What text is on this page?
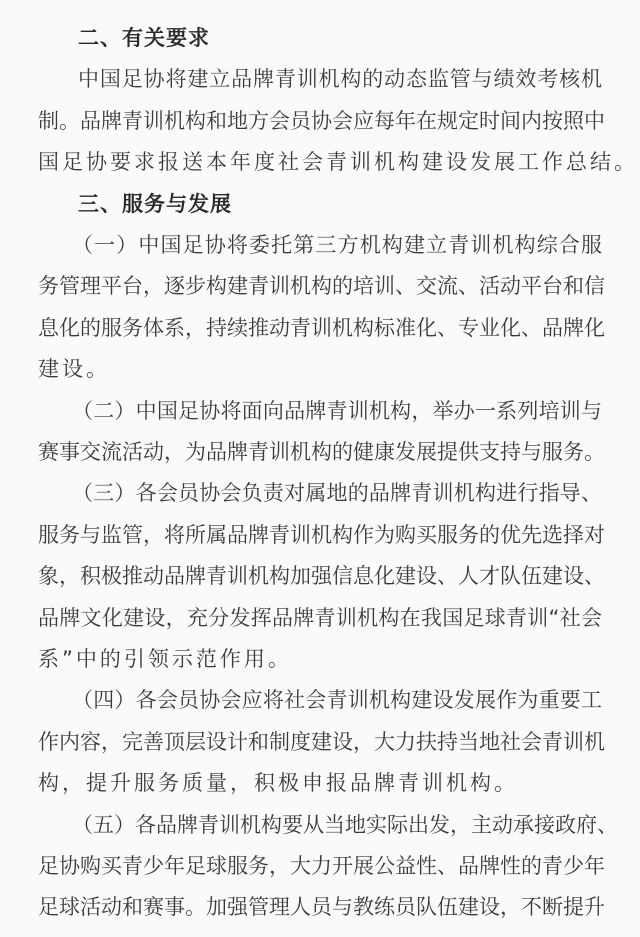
二、有关要求
中国足协将建立品牌青训机构的动态监管与绩效考核机
制。品牌青训机构和地方会员协会应每年在规定时间内按照中
国足协要求报送本年度社会青训机构建设发展工作总结。
三、服务与发展
（一）中国足协将委托第三方机构建立青训机构综合服
务管理平台，逐步构建青训机构的培训、交流、活动平台和信
息化的服务体系，持续推动青训机构标准化、专业化、品牌化
建设。
（二）中国足协将面向品牌青训机构，举办一系列培训与
赛事交流活动，为品牌青训机构的健康发展提供支持与服务。
（三）各会员协会负责对属地的品牌青训机构进行指导、
服务与监管，将所属品牌青训机构作为购买服务的优先选择对
象，积极推动品牌青训机构加强信息化建设、人才队伍建设、
品牌文化建设，充分发挥品牌青训机构在我国足球青训“社会
系”中的引领示范作用。
（四）各会员协会应将社会青训机构建设发展作为重要工
作内容，完善顶层设计和制度建设，大力扶持当地社会青训机
构，提升服务质量，积极申报品牌青训机构。
（五）各品牌青训机构要从当地实际出发，主动承接政府、
足协购买青少年足球服务，大力开展公益性、品牌性的青少年
足球活动和赛事。加强管理人员与教练员队伍建设，不断提升
